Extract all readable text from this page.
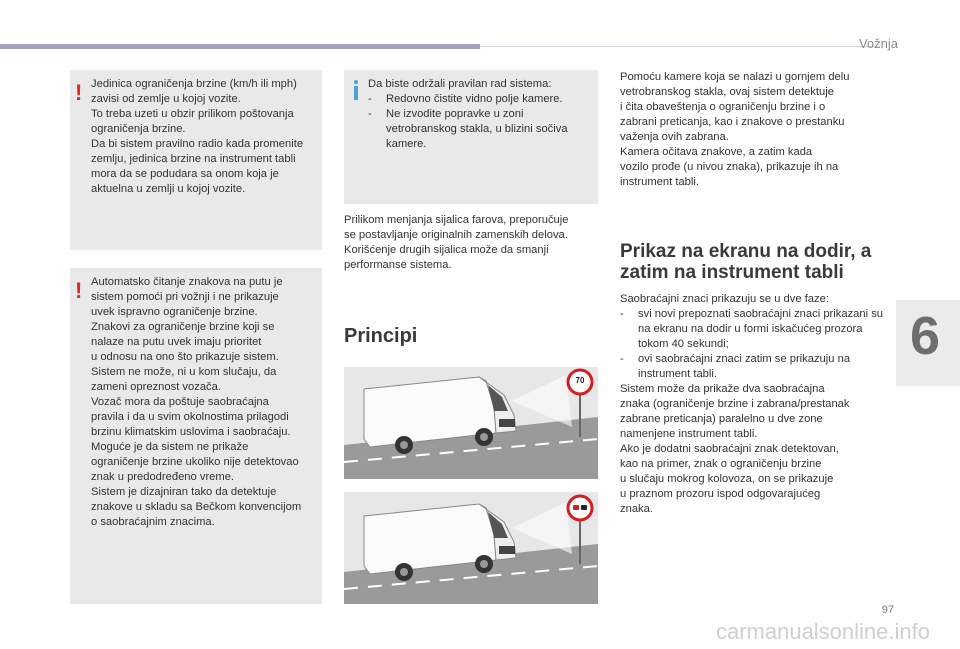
Vožnja
6
! Jedinica ograničenja brzine (km/h ili mph)
zavisi od zemlje u kojoj vozite.
To treba uzeti u obzir prilikom poštovanja
ograničenja brzine.
Da bi sistem pravilno radio kada promenite
zemlju, jedinica brzine na instrument tabli
mora da se podudara sa onom koja je
aktuelna u zemlji u kojoj vozite.
! Automatsko čitanje znakova na putu je
sistem pomoći pri vožnji i ne prikazuje
uvek ispravno ograničenje brzine.
Znakovi za ograničenje brzine koji se
nalaze na putu uvek imaju prioritet
u odnosu na ono što prikazuje sistem.
Sistem ne može, ni u kom slučaju, da
zameni opreznost vozača.
Vozač mora da poštuje saobraćajna
pravila i da u svim okolnostima prilagodi
brzinu klimatskim uslovima i saobraćaju.
Moguće je da sistem ne prikaže
ograničenje brzine ukoliko nije detektovao
znak u predodređeno vreme.
Sistem je dizajniran tako da detektuje
znakove u skladu sa Bečkom konvencijom
o saobraćajnim znacima.

Da biste održali pravilan rad sistema:

- Redovno čistite vidno polje kamere.
- Ne izvodite popravke u zoni vetrobranskog stakla, u blizini sočiva kamere.
Prilikom menjanja sijalica farova, preporučuje
se postavljanje originalnih zamenskih delova.
Korišćenje drugih sijalica može da smanji
performanse sistema.
Principi
70
Pomoću kamere koja se nalazi u gornjem delu
vetrobranskog stakla, ovaj sistem detektuje
i čita obaveštenja o ograničenju brzine i o
zabrani preticanja, kao i znakove o prestanku
važenja ovih zabrana.
Kamera očitava znakove, a zatim kada
vozilo prođe (u nivou znaka), prikazuje ih na
instrument tabli.
Prikaz na ekranu na dodir, a zatim na instrument tabli

Saobraćajni znaci prikazuju se u dve faze:

- svi novi prepoznati saobraćajni znaci prikazani su na ekranu na dodir u formi iskačućeg prozora tokom 40 sekundi;
- ovi saobraćajni znaci zatim se prikazuju na instrument tabli.
Sistem može da prikaže dva saobraćajna
znaka (ograničenje brzine i zabrana/prestanak
zabrane preticanja) paralelno u dve zone
namenjene instrument tabli.
Ako je dodatni saobraćajni znak detektovan,
kao na primer, znak o ograničenju brzine
u slučaju mokrog kolovoza, on se prikazuje
u praznom prozoru ispod odgovarajućeg
znaka.
97
carmanualsonline.info
